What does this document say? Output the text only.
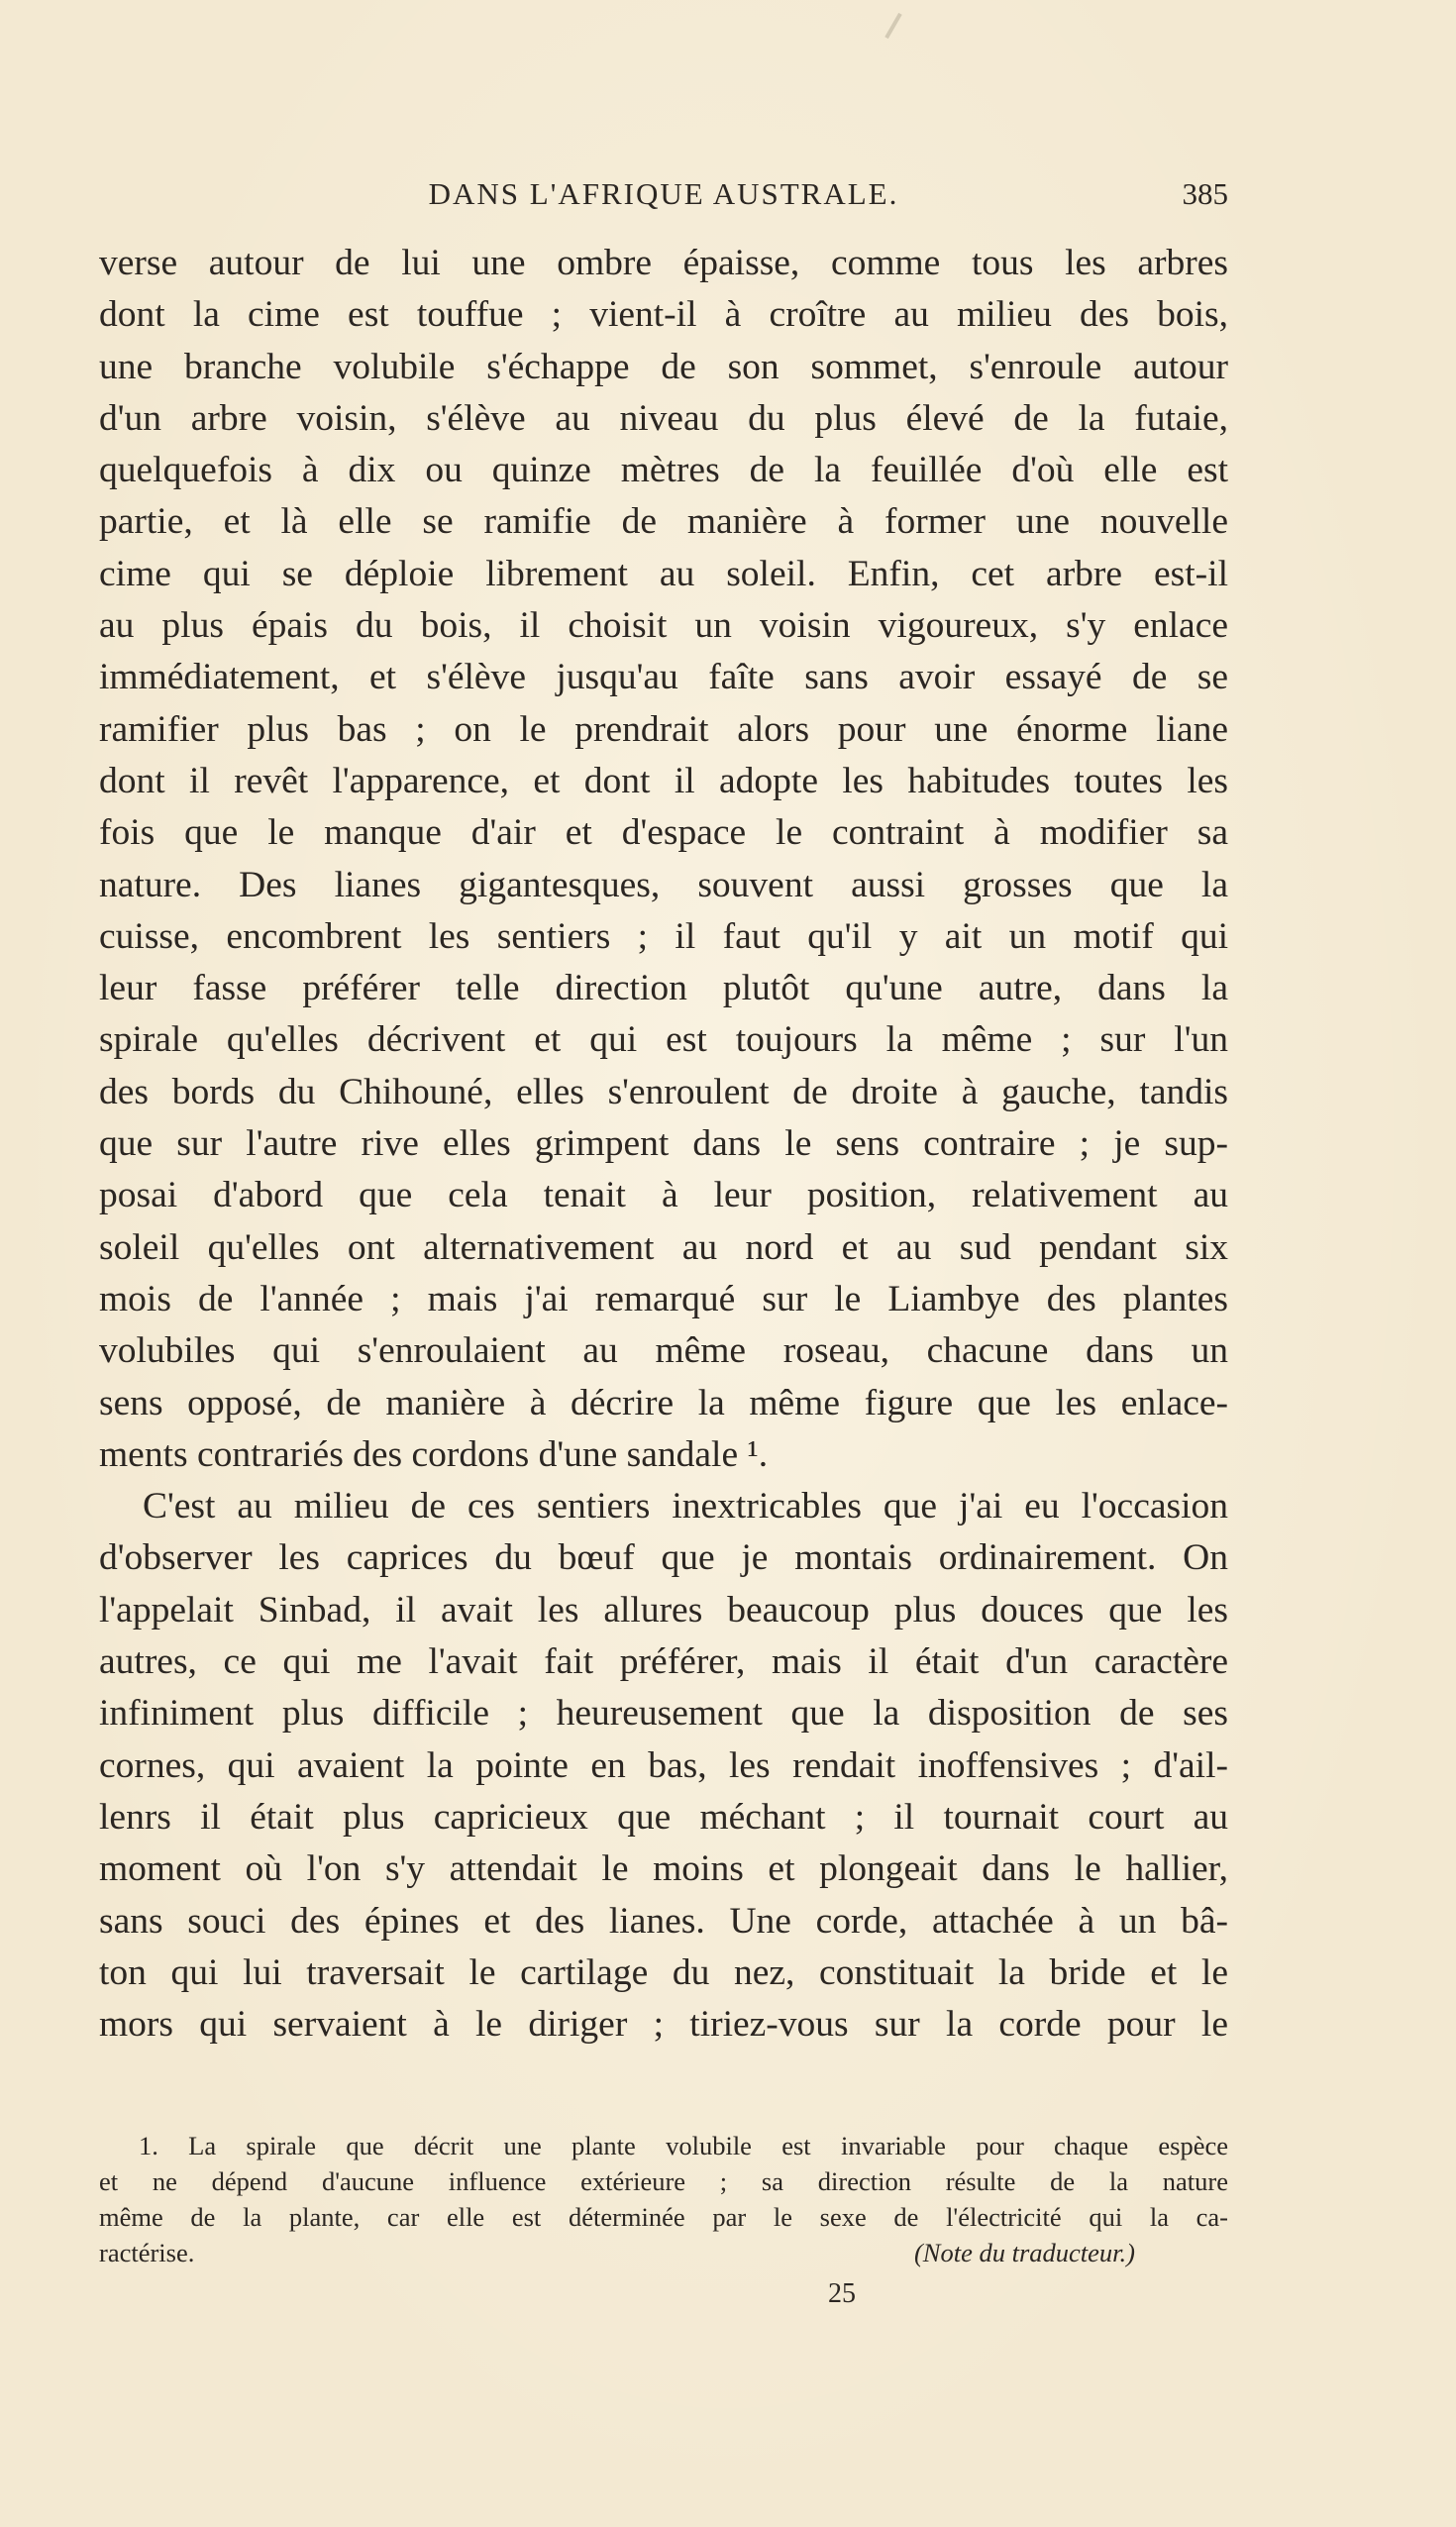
DANS L'AFRIQUE AUSTRALE.	385
verse autour de lui une ombre épaisse, comme tous les arbres
dont la cime est touffue ; vient-il à croître au milieu des bois,
une branche volubile s'échappe de son sommet, s'enroule autour
d'un arbre voisin, s'élève au niveau du plus élevé de la futaie,
quelquefois à dix ou quinze mètres de la feuillée d'où elle est
partie, et là elle se ramifie de manière à former une nouvelle
cime qui se déploie librement au soleil. Enfin, cet arbre est-il
au plus épais du bois, il choisit un voisin vigoureux, s'y enlace
immédiatement, et s'élève jusqu'au faîte sans avoir essayé de se
ramifier plus bas ; on le prendrait alors pour une énorme liane
dont il revêt l'apparence, et dont il adopte les habitudes toutes les
fois que le manque d'air et d'espace le contraint à modifier sa
nature. Des lianes gigantesques, souvent aussi grosses que la
cuisse, encombrent les sentiers ; il faut qu'il y ait un motif qui
leur fasse préférer telle direction plutôt qu'une autre, dans la
spirale qu'elles décrivent et qui est toujours la même ; sur l'un
des bords du Chihouné, elles s'enroulent de droite à gauche, tandis
que sur l'autre rive elles grimpent dans le sens contraire ; je sup-
posai d'abord que cela tenait à leur position, relativement au
soleil qu'elles ont alternativement au nord et au sud pendant six
mois de l'année ; mais j'ai remarqué sur le Liambye des plantes
volubiles qui s'enroulaient au même roseau, chacune dans un
sens opposé, de manière à décrire la même figure que les enlace-
ments contrariés des cordons d'une sandale ¹.
C'est au milieu de ces sentiers inextricables que j'ai eu l'occasion
d'observer les caprices du bœuf que je montais ordinairement. On
l'appelait Sinbad, il avait les allures beaucoup plus douces que les
autres, ce qui me l'avait fait préférer, mais il était d'un caractère
infiniment plus difficile ; heureusement que la disposition de ses
cornes, qui avaient la pointe en bas, les rendait inoffensives ; d'ail-
lenrs il était plus capricieux que méchant ; il tournait court au
moment où l'on s'y attendait le moins et plongeait dans le hallier,
sans souci des épines et des lianes. Une corde, attachée à un bâ-
ton qui lui traversait le cartilage du nez, constituait la bride et le
mors qui servaient à le diriger ; tiriez-vous sur la corde pour le
1. La spirale que décrit une plante volubile est invariable pour chaque espèce
et ne dépend d'aucune influence extérieure ; sa direction résulte de la nature
même de la plante, car elle est déterminée par le sexe de l'électricité qui la ca-
ractérise.	(Note du traducteur.)
25
